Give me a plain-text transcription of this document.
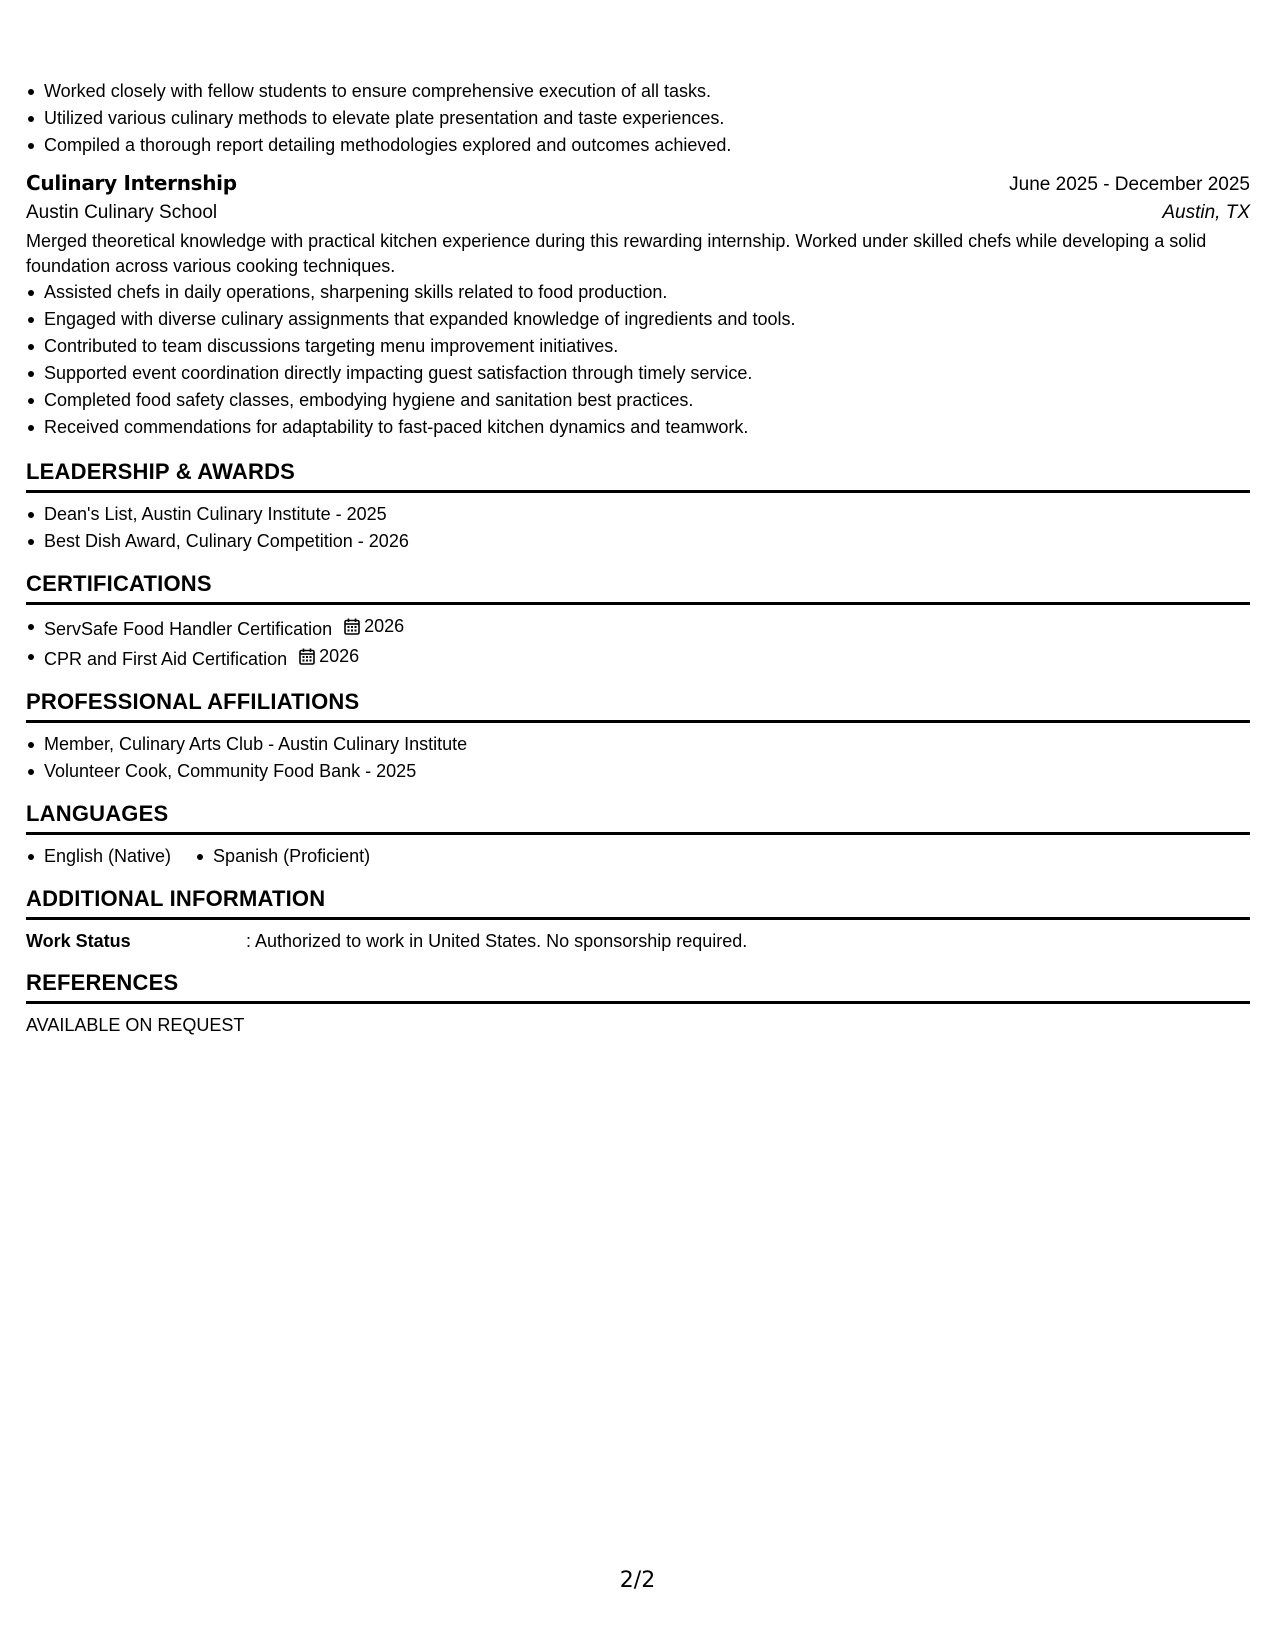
Worked closely with fellow students to ensure comprehensive execution of all tasks.
Utilized various culinary methods to elevate plate presentation and taste experiences.
Compiled a thorough report detailing methodologies explored and outcomes achieved.
Culinary Internship	June 2025 - December 2025
Austin Culinary School	Austin, TX

Merged theoretical knowledge with practical kitchen experience during this rewarding internship. Worked under skilled chefs while developing a solid foundation across various cooking techniques.

Assisted chefs in daily operations, sharpening skills related to food production.
Engaged with diverse culinary assignments that expanded knowledge of ingredients and tools.
Contributed to team discussions targeting menu improvement initiatives.
Supported event coordination directly impacting guest satisfaction through timely service.
Completed food safety classes, embodying hygiene and sanitation best practices.
Received commendations for adaptability to fast-paced kitchen dynamics and teamwork.
LEADERSHIP & AWARDS
Dean's List, Austin Culinary Institute - 2025
Best Dish Award, Culinary Competition - 2026
CERTIFICATIONS
ServSafe Food Handler Certification 2026
CPR and First Aid Certification 2026
PROFESSIONAL AFFILIATIONS
Member, Culinary Arts Club - Austin Culinary Institute
Volunteer Cook, Community Food Bank - 2025
LANGUAGES
English (Native)	Spanish (Proficient)
ADDITIONAL INFORMATION
Work Status	: Authorized to work in United States. No sponsorship required.
REFERENCES
AVAILABLE ON REQUEST
2/2
